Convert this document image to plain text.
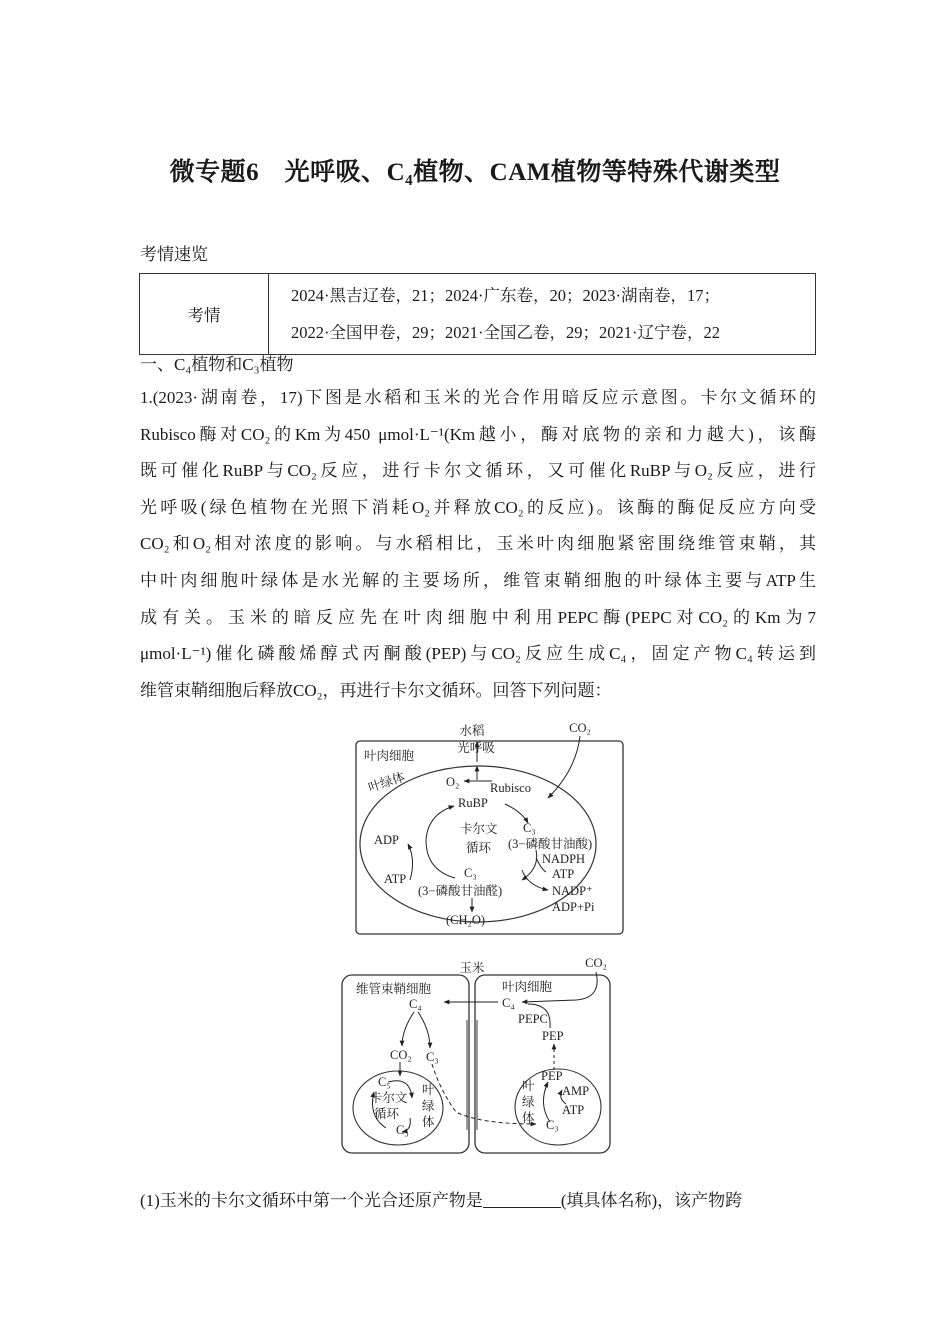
微专题6　光呼吸、C₄植物、CAM植物等特殊代谢类型
考情速览
考情	
2024·黑吉辽卷，21；2024·广东卷，20；2023·湖南卷，17；
2022·全国甲卷，29；2021·全国乙卷，29；2021·辽宁卷，22
一、C₄植物和C₃植物
1.(2023·湖南卷，17)下图是水稻和玉米的光合作用暗反应示意图。卡尔文循环的
Rubisco酶对CO₂的Km为450 μmol·L⁻¹(Km越小，酶对底物的亲和力越大)，该酶
既可催化RuBP与CO₂反应，进行卡尔文循环，又可催化RuBP与O₂反应，进行
光呼吸(绿色植物在光照下消耗O₂并释放CO₂的反应)。该酶的酶促反应方向受
CO₂和O₂相对浓度的影响。与水稻相比，玉米叶肉细胞紧密围绕维管束鞘，其
中叶肉细胞叶绿体是水光解的主要场所，维管束鞘细胞的叶绿体主要与ATP生
成有关。玉米的暗反应先在叶肉细胞中利用PEPC酶(PEPC对CO₂的Km为7
μmol·L⁻¹)催化磷酸烯醇式丙酮酸(PEP)与CO₂反应生成C₄，固定产物C₄转运到
维管束鞘细胞后释放CO₂，再进行卡尔文循环。回答下列问题：
水稻	CO₂
光呼吸
叶肉细胞
叶绿体	O₂ Rubisco
RuBP
卡尔文
循环
C₃
(3−磷酸甘油酸)
NADPH
ATP
ADP
ATP	C₃
(3−磷酸甘油醛)	NADP⁺
ADP+Pi
(CH₂O)
玉米	CO₂
维管束鞘细胞	叶肉细胞
C₄	C₄
PEPC
PEP
CO₂ C₃
C₅
卡尔文
循环
C₃
叶
绿
体
叶
绿
体
PEP
AMP
ATP
C₃
(1)玉米的卡尔文循环中第一个光合还原产物是	(填具体名称)，该产物跨
